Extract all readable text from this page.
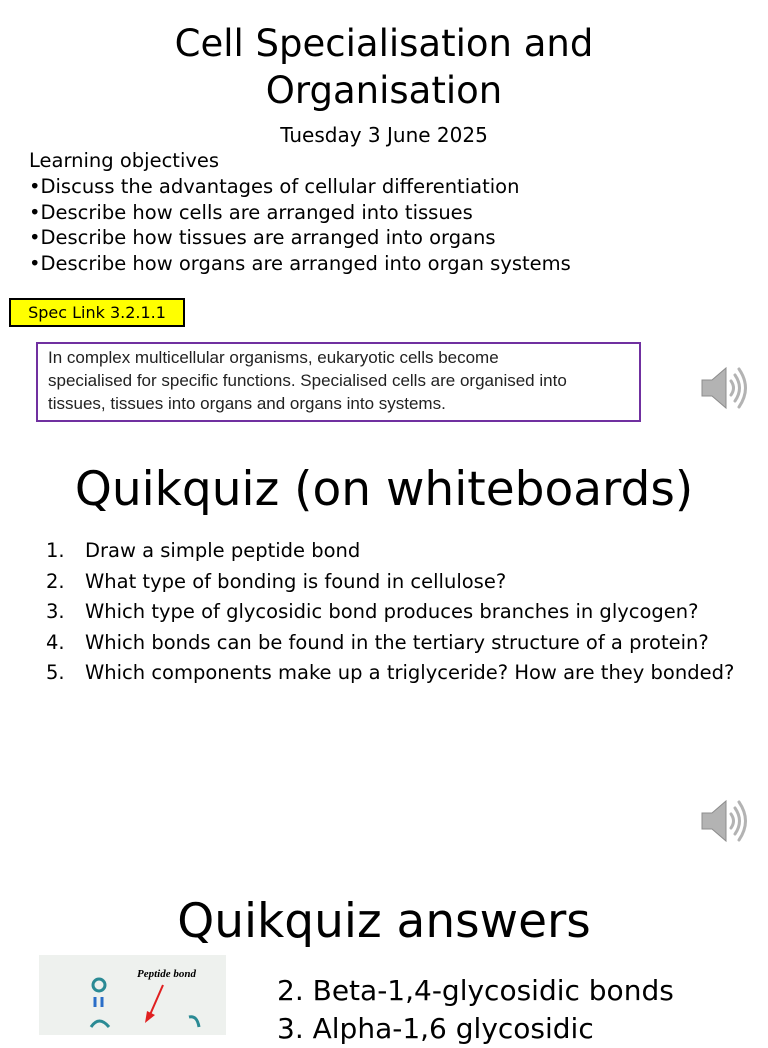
Cell Specialisation and
Organisation
Tuesday 3 June 2025
Learning objectives
•Discuss the advantages of cellular differentiation
•Describe how cells are arranged into tissues
•Describe how tissues are arranged into organs
•Describe how organs are arranged into organ systems
Spec Link 3.2.1.1
In complex multicellular organisms, eukaryotic cells become
specialised for specific functions. Specialised cells are organised into
tissues, tissues into organs and organs into systems.
Quikquiz (on whiteboards)
1.	Draw a simple peptide bond
2.	What type of bonding is found in cellulose?
3.	Which type of glycosidic bond produces branches in glycogen?
4.	Which bonds can be found in the tertiary structure of a protein?
5.	Which components make up a triglyceride? How are they bonded?
Quikquiz answers
Peptide bond	2. Beta-1,4-glycosidic bonds
3. Alpha-1,6 glycosidic
